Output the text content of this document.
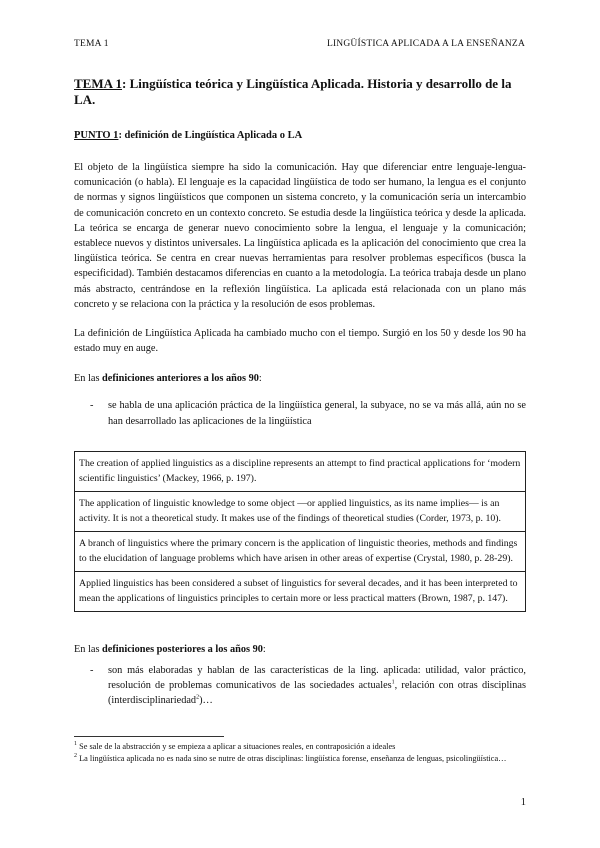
TEMA 1	LINGÜÍSTICA APLICADA A LA ENSEÑANZA
TEMA 1: Lingüística teórica y Lingüística Aplicada. Historia y desarrollo de la LA.
PUNTO 1: definición de Lingüística Aplicada o LA

El objeto de la lingüística siempre ha sido la comunicación. Hay que diferenciar entre lenguaje-lengua-comunicación (o habla). El lenguaje es la capacidad lingüística de todo ser humano, la lengua es el conjunto de normas y signos lingüísticos que componen un sistema concreto, y la comunicación sería un intercambio de comunicación concreto en un contexto concreto. Se estudia desde la lingüística teórica y desde la aplicada. La teórica se encarga de generar nuevo conocimiento sobre la lengua, el lenguaje y la comunicación; establece nuevos y distintos universales. La lingüística aplicada es la aplicación del conocimiento que crea la lingüística teórica. Se centra en crear nuevas herramientas para resolver problemas específicos (busca la especificidad). También destacamos diferencias en cuanto a la metodología. La teórica trabaja desde un plano más abstracto, centrándose en la reflexión lingüística. La aplicada está relacionada con un plano más concreto y se relaciona con la práctica y la resolución de esos problemas.

La definición de Lingüística Aplicada ha cambiado mucho con el tiempo. Surgió en los 50 y desde los 90 ha estado muy en auge.

En las definiciones anteriores a los años 90:
-	se habla de una aplicación práctica de la lingüística general, la subyace, no se va más allá, aún no se han desarrollado las aplicaciones de la lingüística
The creation of applied linguistics as a discipline represents an attempt to find practical applications for ‘modern scientific linguistics’ (Mackey, 1966, p. 197).
The application of linguistic knowledge to some object —or applied linguistics, as its name implies— is an activity. It is not a theoretical study. It makes use of the findings of theoretical studies (Corder, 1973, p. 10).
A branch of linguistics where the primary concern is the application of linguistic theories, methods and findings to the elucidation of language problems which have arisen in other areas of expertise (Crystal, 1980, p. 28-29).
Applied linguistics has been considered a subset of linguistics for several decades, and it has been interpreted to mean the applications of linguistics principles to certain more or less practical matters (Brown, 1987, p. 147).
En las definiciones posteriores a los años 90:
-	son más elaboradas y hablan de las características de la ling. aplicada: utilidad, valor práctico, resolución de problemas comunicativos de las sociedades actuales$^1$, relación con otras disciplinas (interdisciplinariedad$^2$)…
$^1$ Se sale de la abstracción y se empieza a aplicar a situaciones reales, en contraposición a ideales
$^2$ La lingüística aplicada no es nada sino se nutre de otras disciplinas: lingüística forense, enseñanza de lenguas, psicolingüística…
1
